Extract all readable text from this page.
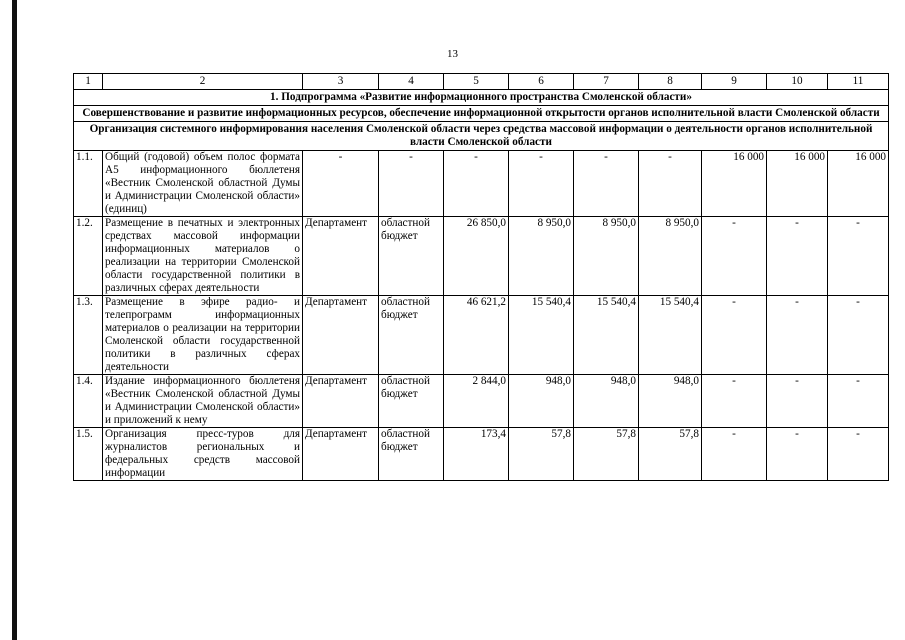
13
1	2	3	4	5	6	7	8	9	10	11
1. Подпрограмма «Развитие информационного пространства Смоленской области»										
Совершенствование и развитие информационных ресурсов, обеспечение информационной открытости органов исполнительной власти Смоленской области										
Организация системного информирования населения Смоленской области через средства массовой информации о деятельности органов исполнительной власти Смоленской области										
1.1.	Общий (годовой) объем полос формата А5 информационного бюллетеня «Вестник Смоленской областной Думы и Администрации Смоленской области» (единиц)	-	-	-	-	-	-	16 000	16 000	16 000
1.2.	Размещение в печатных и электронных средствах массовой информации информационных материалов о реализации на территории Смоленской области государственной политики в различных сферах деятельности	Департамент	областной бюджет	26 850,0	8 950,0	8 950,0	8 950,0	-	-	-
1.3.	Размещение в эфире радио- и телепрограмм информационных материалов о реализации на территории Смоленской области государственной политики в различных сферах деятельности	Департамент	областной бюджет	46 621,2	15 540,4	15 540,4	15 540,4	-	-	-
1.4.	Издание информационного бюллетеня «Вестник Смоленской областной Думы и Администрации Смоленской области» и приложений к нему	Департамент	областной бюджет	2 844,0	948,0	948,0	948,0	-	-	-
1.5.	Организация пресс-туров для журналистов региональных и федеральных средств массовой информации	Департамент	областной бюджет	173,4	57,8	57,8	57,8	-	-	-
